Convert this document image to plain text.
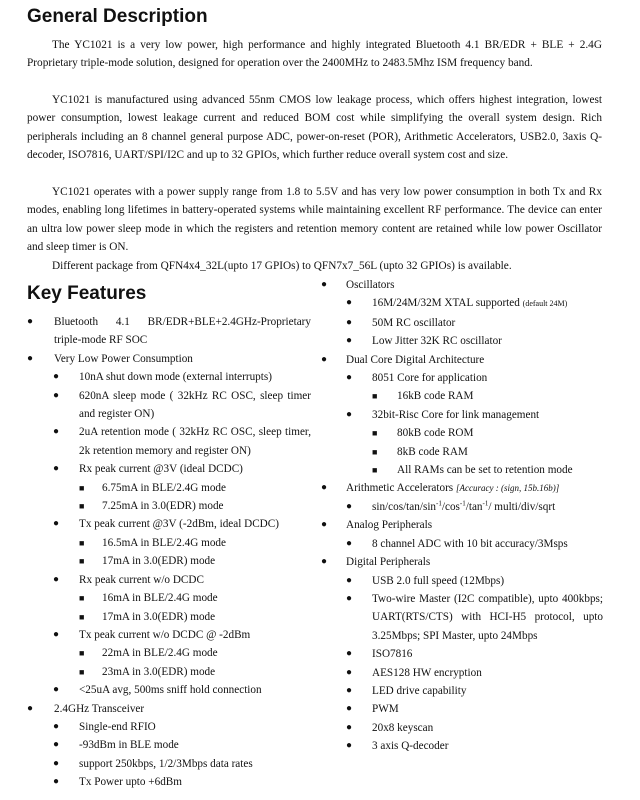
General Description

The YC1021 is a very low power, high performance and highly integrated Bluetooth 4.1 BR/EDR + BLE + 2.4G Proprietary triple-mode solution, designed for operation over the 2400MHz to 2483.5Mhz ISM frequency band.

YC1021 is manufactured using advanced 55nm CMOS low leakage process, which offers highest integration, lowest power consumption, lowest leakage current and reduced BOM cost while simplifying the overall system design. Rich peripherals including an 8 channel general purpose ADC, power-on-reset (POR), Arithmetic Accelerators, USB2.0, 3axis Q-decoder, ISO7816, UART/SPI/I2C and up to 32 GPIOs, which further reduce overall system cost and size.

YC1021 operates with a power supply range from 1.8 to 5.5V and has very low power consumption in both Tx and Rx modes, enabling long lifetimes in battery-operated systems while maintaining excellent RF performance. The device can enter an ultra low power sleep mode in which the registers and retention memory content are retained while low power Oscillator and sleep timer is ON.

Different package from QFN4x4_32L(upto 17 GPIOs) to QFN7x7_56L (upto 32 GPIOs) is available.

Key Features
● Bluetooth 4.1 BR/EDR+BLE+2.4GHz-Proprietary triple-mode RF SOC
● Very Low Power Consumption
● 10nA shut down mode (external interrupts)
● 620nA sleep mode ( 32kHz RC OSC, sleep timer and register ON)
● 2uA retention mode ( 32kHz RC OSC, sleep timer, 2k retention memory and register ON)
● Rx peak current @3V (ideal DCDC)
■ 6.75mA in BLE/2.4G mode
■ 7.25mA in 3.0(EDR) mode
● Tx peak current @3V (-2dBm, ideal DCDC)
■ 16.5mA in BLE/2.4G mode
■ 17mA in 3.0(EDR) mode
● Rx peak current w/o DCDC
■ 16mA in BLE/2.4G mode
■ 17mA in 3.0(EDR) mode
● Tx peak current w/o DCDC @ -2dBm
■ 22mA in BLE/2.4G mode
■ 23mA in 3.0(EDR) mode
● <25uA avg, 500ms sniff hold connection
● 2.4GHz Transceiver
● Single-end RFIO
● -93dBm in BLE mode
● support 250kbps, 1/2/3Mbps data rates
● Tx Power upto +6dBm
● Oscillators
● 16M/24M/32M XTAL supported (default 24M)
● 50M RC oscillator
● Low Jitter 32K RC oscillator
● Dual Core Digital Architecture
● 8051 Core for application
■ 16kB code RAM
● 32bit-Risc Core for link management
■ 80kB code ROM
■ 8kB code RAM
■ All RAMs can be set to retention mode
● Arithmetic Accelerators [Accuracy : (sign, 15b.16b)]
● $\sin/\cos/\tan/\sin^{-1}/\cos^{-1}/\tan^{-1}/$ multi/div/sqrt
● Analog Peripherals
● 8 channel ADC with 10 bit accuracy/3Msps
● Digital Peripherals
● USB 2.0 full speed (12Mbps)
● Two-wire Master (I2C compatible), upto 400kbps; UART(RTS/CTS) with HCI-H5 protocol, upto 3.25Mbps; SPI Master, upto 24Mbps
● ISO7816
● AES128 HW encryption
● LED drive capability
● PWM
● 20x8 keyscan
● 3 axis Q-decoder
